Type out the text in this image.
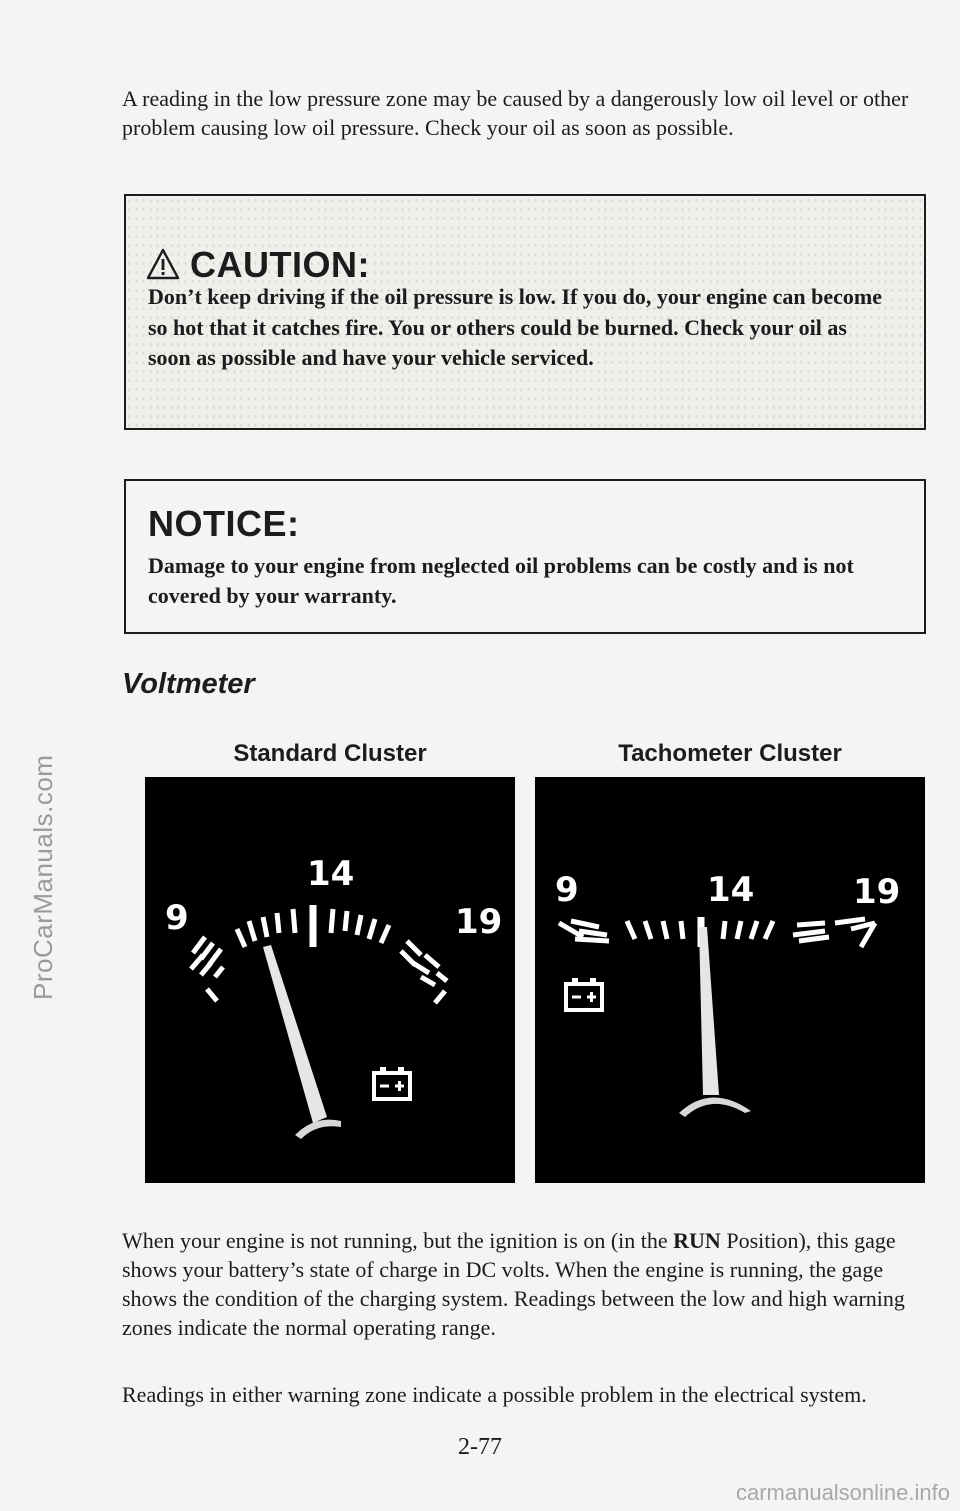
ProCarManuals.com

A reading in the low pressure zone may be caused by a dangerously low oil level or other problem causing low oil pressure. Check your oil as soon as possible.

CAUTION:

Don’t keep driving if the oil pressure is low. If you do, your engine can become so hot that it catches fire. You or others could be burned. Check your oil as soon as possible and have your vehicle serviced.

NOTICE:

Damage to your engine from neglected oil problems can be costly and is not covered by your warranty.

Voltmeter
Standard Cluster	Tachometer Cluster
14
9	19
9	14	19

When your engine is not running, but the ignition is on (in the RUN Position), this gage shows your battery’s state of charge in DC volts. When the engine is running, the gage shows the condition of the charging system. Readings between the low and high warning zones indicate the normal operating range.

Readings in either warning zone indicate a possible problem in the electrical system.

2-77
carmanualsonline.info
